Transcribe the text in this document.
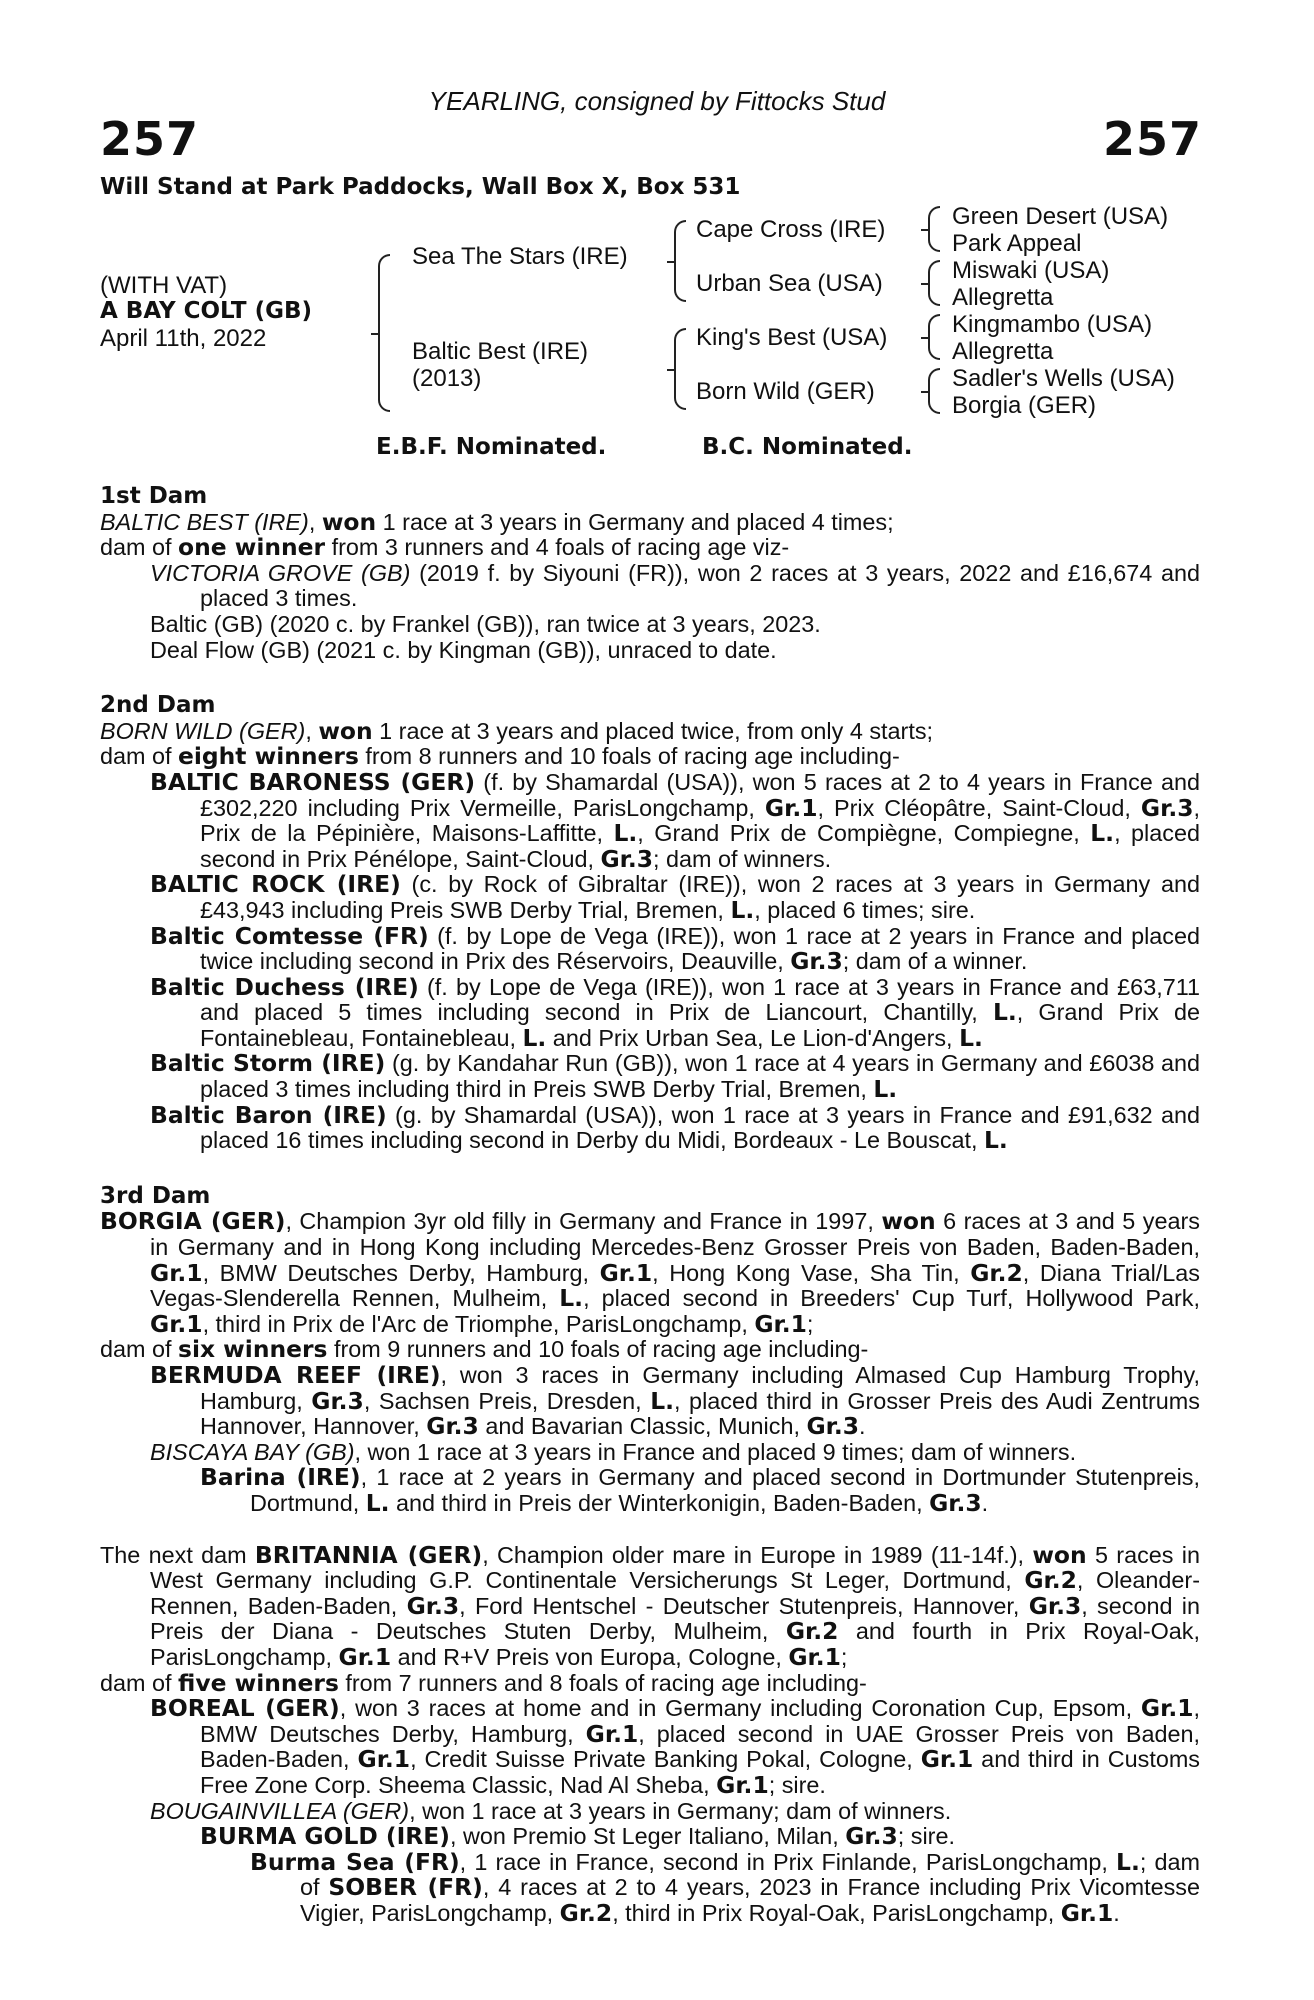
YEARLING, consigned by Fittocks Stud
257	257
Will Stand at Park Paddocks, Wall Box X, Box 531
(WITH VAT)
A BAY COLT (GB)
April 11th, 2022
Sea The Stars (IRE)
Baltic Best (IRE)
(2013)
Cape Cross (IRE)
Urban Sea (USA)
King's Best (USA)
Born Wild (GER)
Green Desert (USA)
Park Appeal
Miswaki (USA)
Allegretta
Kingmambo (USA)
Allegretta
Sadler's Wells (USA)
Borgia (GER)
E.B.F. Nominated.	B.C. Nominated.
1st Dam
BALTIC BEST (IRE), won 1 race at 3 years in Germany and placed 4 times;
dam of one winner from 3 runners and 4 foals of racing age viz-
VICTORIA GROVE (GB) (2019 f. by Siyouni (FR)), won 2 races at 3 years, 2022 and £16,674 and placed 3 times.
Baltic (GB) (2020 c. by Frankel (GB)), ran twice at 3 years, 2023.
Deal Flow (GB) (2021 c. by Kingman (GB)), unraced to date.
2nd Dam
BORN WILD (GER), won 1 race at 3 years and placed twice, from only 4 starts;
dam of eight winners from 8 runners and 10 foals of racing age including-
BALTIC BARONESS (GER) (f. by Shamardal (USA)), won 5 races at 2 to 4 years in France and £302,220 including Prix Vermeille, ParisLongchamp, Gr.1, Prix Cléopâtre, Saint-Cloud, Gr.3, Prix de la Pépinière, Maisons-Laffitte, L., Grand Prix de Compiègne, Compiegne, L., placed second in Prix Pénélope, Saint-Cloud, Gr.3; dam of winners.
BALTIC ROCK (IRE) (c. by Rock of Gibraltar (IRE)), won 2 races at 3 years in Germany and £43,943 including Preis SWB Derby Trial, Bremen, L., placed 6 times; sire.
Baltic Comtesse (FR) (f. by Lope de Vega (IRE)), won 1 race at 2 years in France and placed twice including second in Prix des Réservoirs, Deauville, Gr.3; dam of a winner.
Baltic Duchess (IRE) (f. by Lope de Vega (IRE)), won 1 race at 3 years in France and £63,711 and placed 5 times including second in Prix de Liancourt, Chantilly, L., Grand Prix de Fontainebleau, Fontainebleau, L. and Prix Urban Sea, Le Lion-d'Angers, L.
Baltic Storm (IRE) (g. by Kandahar Run (GB)), won 1 race at 4 years in Germany and £6038 and placed 3 times including third in Preis SWB Derby Trial, Bremen, L.
Baltic Baron (IRE) (g. by Shamardal (USA)), won 1 race at 3 years in France and £91,632 and placed 16 times including second in Derby du Midi, Bordeaux - Le Bouscat, L.
3rd Dam
BORGIA (GER), Champion 3yr old filly in Germany and France in 1997, won 6 races at 3 and 5 years in Germany and in Hong Kong including Mercedes-Benz Grosser Preis von Baden, Baden-Baden, Gr.1, BMW Deutsches Derby, Hamburg, Gr.1, Hong Kong Vase, Sha Tin, Gr.2, Diana Trial/Las Vegas-Slenderella Rennen, Mulheim, L., placed second in Breeders' Cup Turf, Hollywood Park, Gr.1, third in Prix de l'Arc de Triomphe, ParisLongchamp, Gr.1;
dam of six winners from 9 runners and 10 foals of racing age including-
BERMUDA REEF (IRE), won 3 races in Germany including Almased Cup Hamburg Trophy, Hamburg, Gr.3, Sachsen Preis, Dresden, L., placed third in Grosser Preis des Audi Zentrums Hannover, Hannover, Gr.3 and Bavarian Classic, Munich, Gr.3.
BISCAYA BAY (GB), won 1 race at 3 years in France and placed 9 times; dam of winners.
Barina (IRE), 1 race at 2 years in Germany and placed second in Dortmunder Stutenpreis, Dortmund, L. and third in Preis der Winterkonigin, Baden-Baden, Gr.3.
The next dam BRITANNIA (GER), Champion older mare in Europe in 1989 (11-14f.), won 5 races in West Germany including G.P. Continentale Versicherungs St Leger, Dortmund, Gr.2, Oleander-Rennen, Baden-Baden, Gr.3, Ford Hentschel - Deutscher Stutenpreis, Hannover, Gr.3, second in Preis der Diana - Deutsches Stuten Derby, Mulheim, Gr.2 and fourth in Prix Royal-Oak, ParisLongchamp, Gr.1 and R+V Preis von Europa, Cologne, Gr.1;
dam of five winners from 7 runners and 8 foals of racing age including-
BOREAL (GER), won 3 races at home and in Germany including Coronation Cup, Epsom, Gr.1, BMW Deutsches Derby, Hamburg, Gr.1, placed second in UAE Grosser Preis von Baden, Baden-Baden, Gr.1, Credit Suisse Private Banking Pokal, Cologne, Gr.1 and third in Customs Free Zone Corp. Sheema Classic, Nad Al Sheba, Gr.1; sire.
BOUGAINVILLEA (GER), won 1 race at 3 years in Germany; dam of winners.
BURMA GOLD (IRE), won Premio St Leger Italiano, Milan, Gr.3; sire.
Burma Sea (FR), 1 race in France, second in Prix Finlande, ParisLongchamp, L.; dam of SOBER (FR), 4 races at 2 to 4 years, 2023 in France including Prix Vicomtesse Vigier, ParisLongchamp, Gr.2, third in Prix Royal-Oak, ParisLongchamp, Gr.1.
